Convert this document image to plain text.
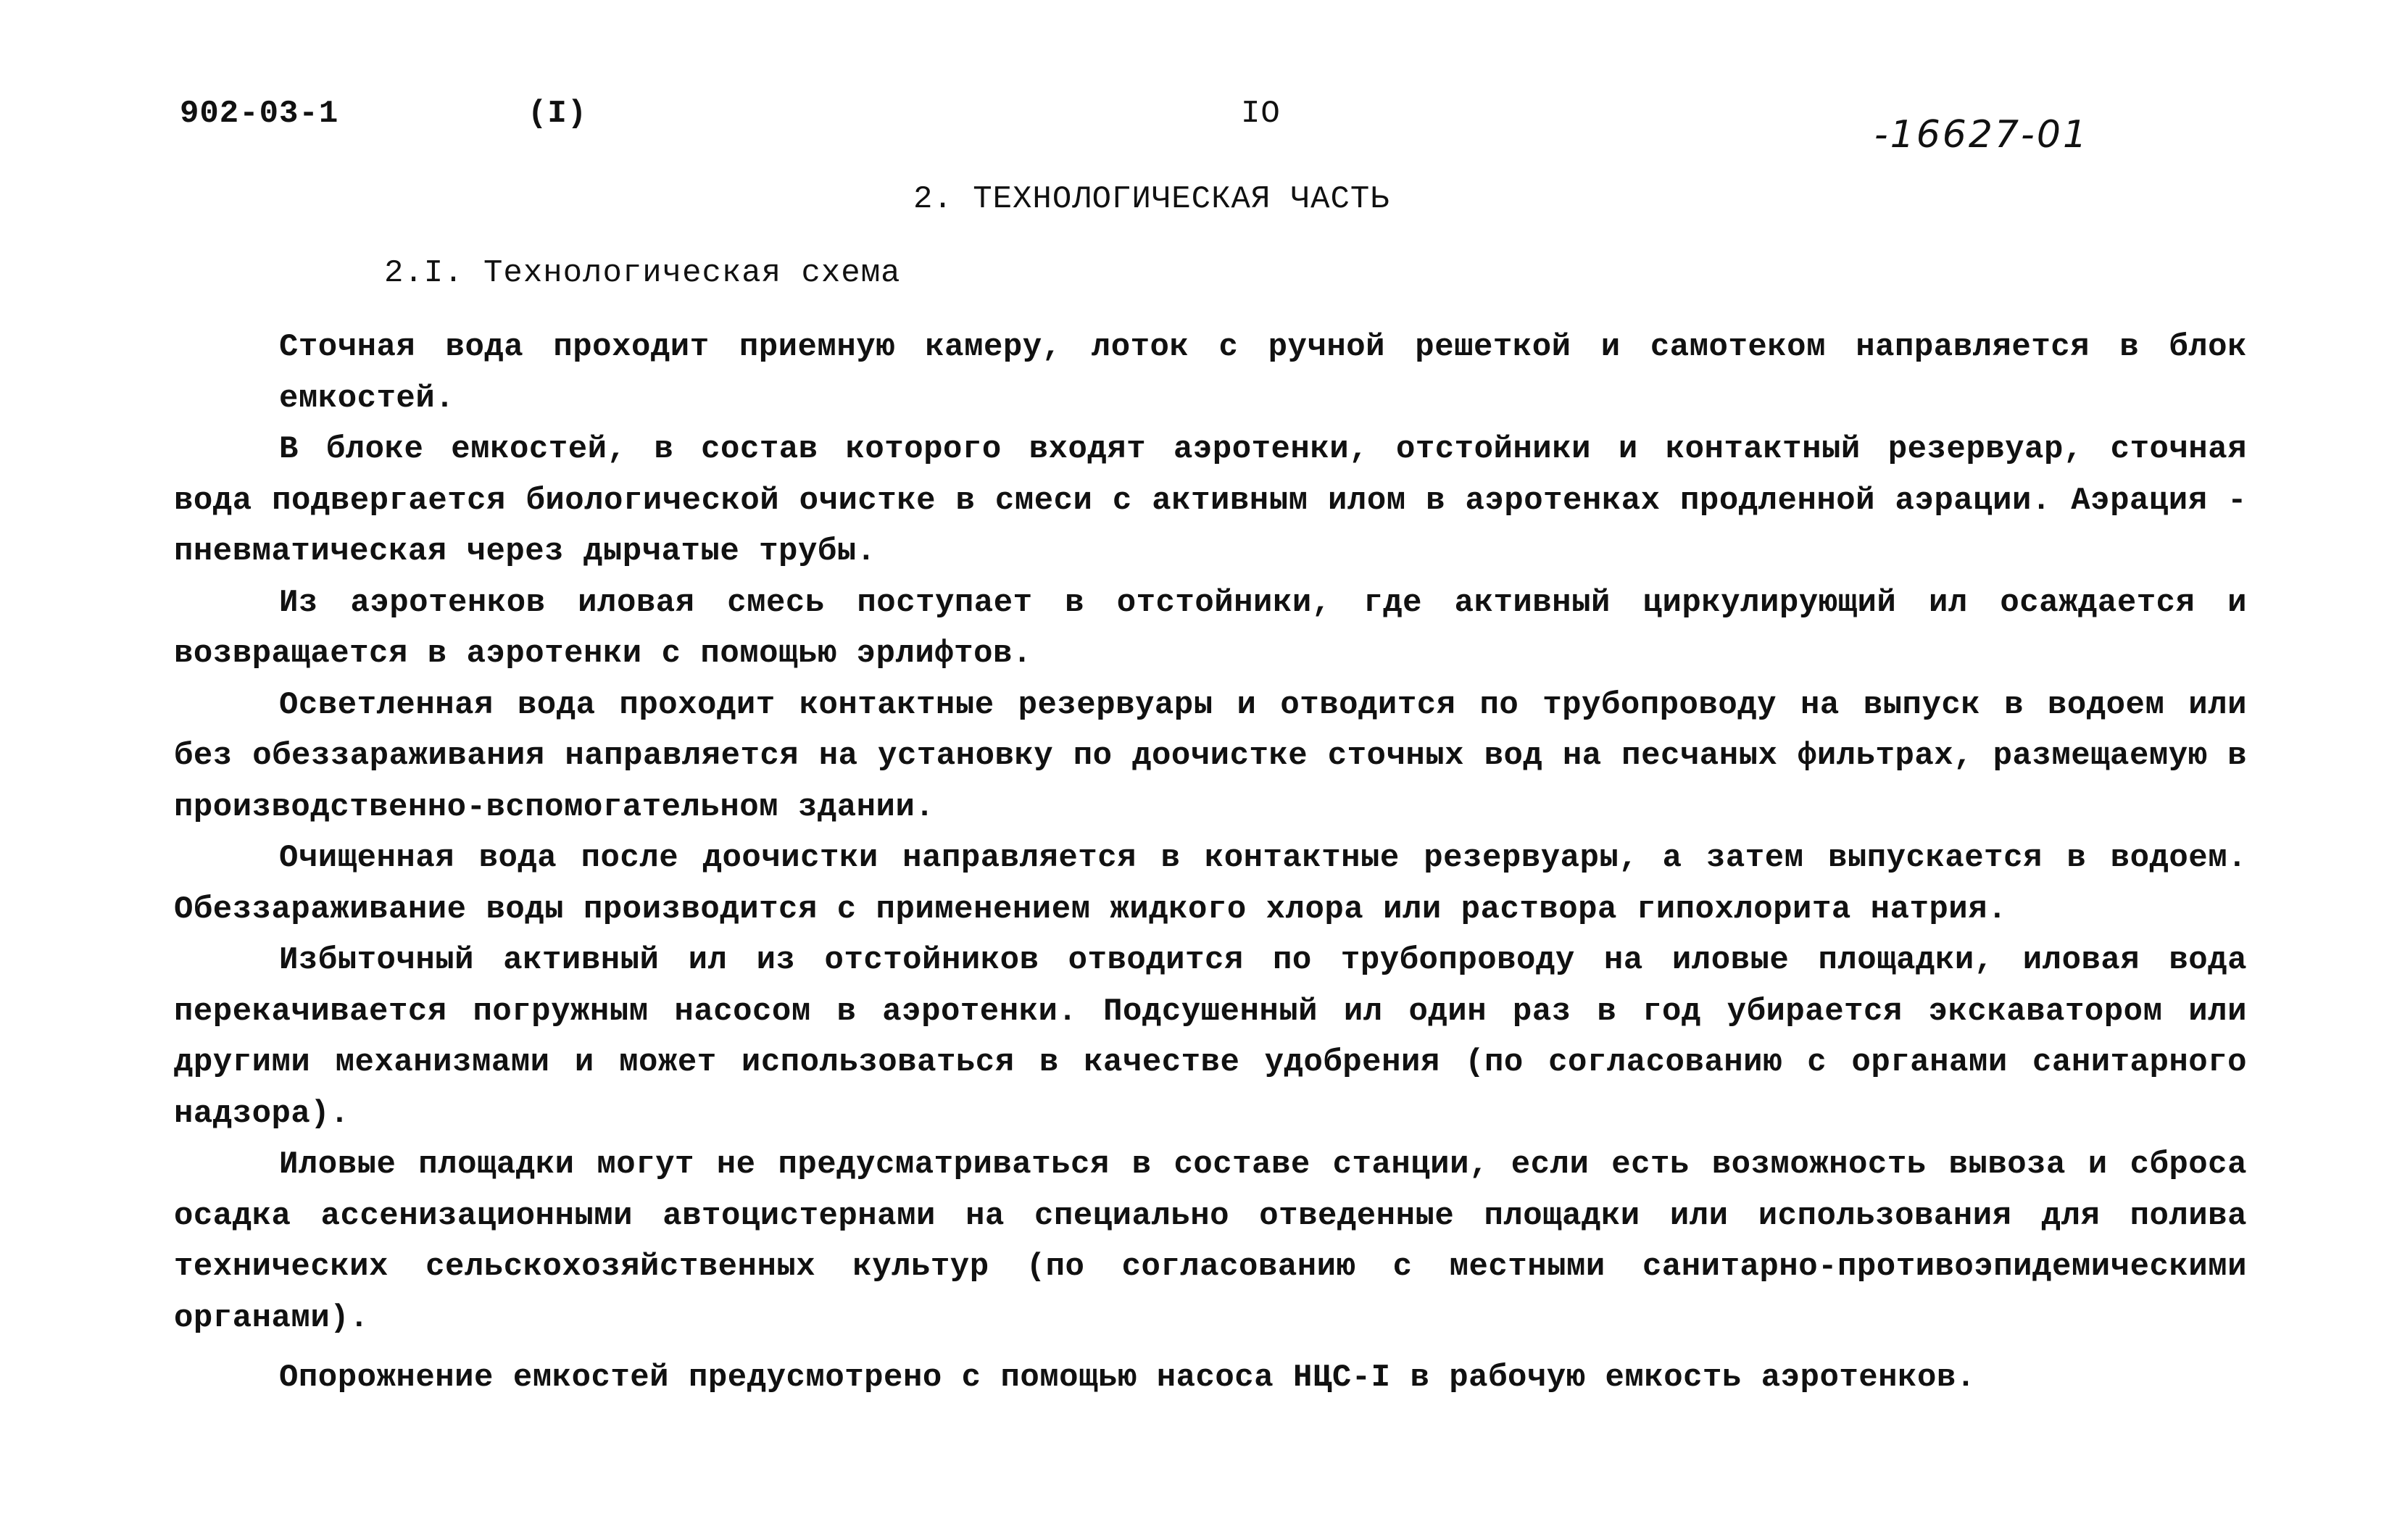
902-03-1	(I)	IO	-16627-01
2. ТЕХНОЛОГИЧЕСКАЯ ЧАСТЬ
2.I. Технологическая схема

Сточная вода проходит приемную камеру, лоток с ручной решеткой и самотеком направляется в блок емкостей.

В блоке емкостей, в состав которого входят аэротенки, отстойники и контактный резервуар, сточная вода подвергается биологической очистке в смеси с активным илом в аэротенках продленной аэрации. Аэрация - пневматическая через дырчатые трубы.

Из аэротенков иловая смесь поступает в отстойники, где активный циркулирующий ил осаждается и возвращается в аэротенки с помощью эрлифтов.

Осветленная вода проходит контактные резервуары и отводится по трубопроводу на выпуск в водоем или без обеззараживания направляется на установку по доочистке сточных вод на песчаных фильтрах, размещаемую в производственно-вспомогательном здании.

Очищенная вода после доочистки направляется в контактные резервуары, а затем выпускается в водоем. Обеззараживание воды производится с применением жидкого хлора или раствора гипохлорита натрия.

Избыточный активный ил из отстойников отводится по трубопроводу на иловые площадки, иловая вода перекачивается погружным насосом в аэротенки. Подсушенный ил один раз в год убирается экскаватором или другими механизмами и может использоваться в качестве удобрения (по согласованию с органами санитарного надзора).

Иловые площадки могут не предусматриваться в составе станции, если есть возможность вывоза и сброса осадка ассенизационными автоцистернами на специально отведенные площадки или использования для полива технических сельскохозяйственных культур (по согласованию с местными санитарно-противоэпидемическими органами).

Опорожнение емкостей предусмотрено с помощью насоса НЦС-I в рабочую емкость аэротенков.
